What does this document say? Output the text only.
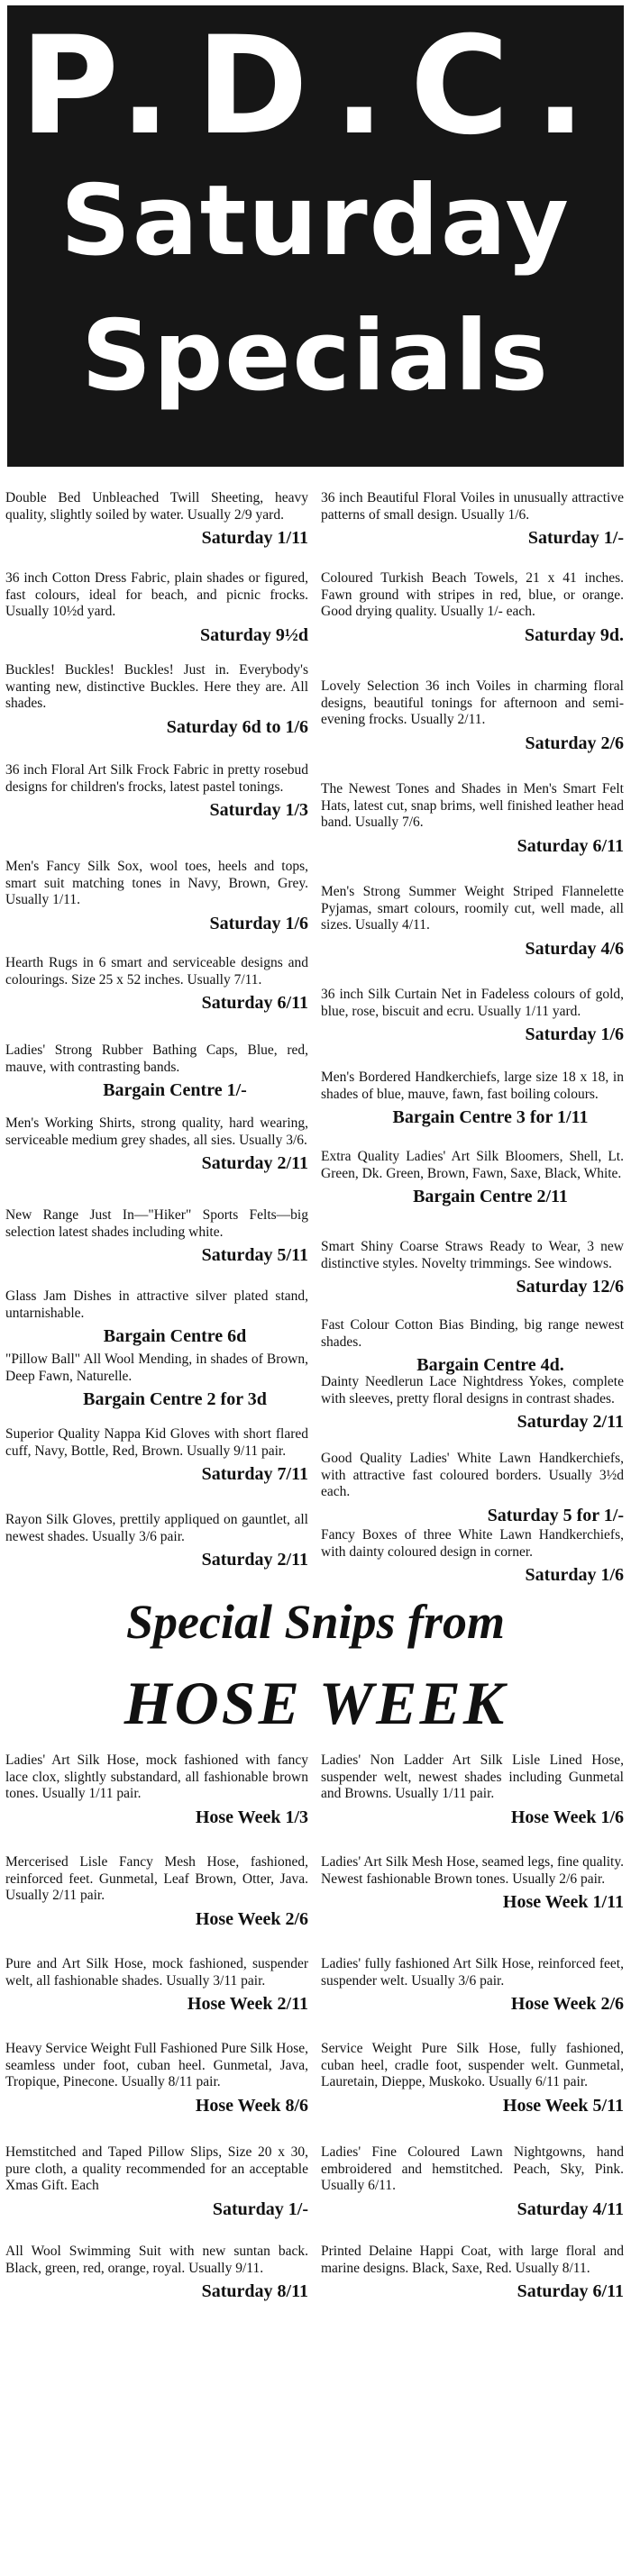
P.D.C.
Saturday
Specials

Double Bed Unbleached Twill Sheeting, heavy quality, slightly soiled by water. Usually 2/9 yard.

Saturday 1/11

36 inch Cotton Dress Fabric, plain shades or figured, fast colours, ideal for beach, and picnic frocks. Usually 10½d yard.

Saturday 9½d

Buckles! Buckles! Buckles! Just in. Everybody's wanting new, distinctive Buckles. Here they are. All shades.

Saturday 6d to 1/6

36 inch Floral Art Silk Frock Fabric in pretty rosebud designs for children's frocks, latest pastel tonings.

Saturday 1/3

Men's Fancy Silk Sox, wool toes, heels and tops, smart suit matching tones in Navy, Brown, Grey. Usually 1/11.

Saturday 1/6

Hearth Rugs in 6 smart and serviceable designs and colourings. Size 25 x 52 inches. Usually 7/11.

Saturday 6/11

Ladies' Strong Rubber Bathing Caps, Blue, red, mauve, with contrasting bands.

Bargain Centre 1/-

Men's Working Shirts, strong quality, hard wearing, serviceable medium grey shades, all sies. Usually 3/6.

Saturday 2/11

New Range Just In—"Hiker" Sports Felts—big selection latest shades including white.

Saturday 5/11

Glass Jam Dishes in attractive silver plated stand, untarnishable.

Bargain Centre 6d

"Pillow Ball" All Wool Mending, in shades of Brown, Deep Fawn, Naturelle.

Bargain Centre 2 for 3d

Superior Quality Nappa Kid Gloves with short flared cuff, Navy, Bottle, Red, Brown. Usually 9/11 pair.

Saturday 7/11

Rayon Silk Gloves, prettily appliqued on gauntlet, all newest shades. Usually 3/6 pair.

Saturday 2/11

36 inch Beautiful Floral Voiles in unusually attractive patterns of small design. Usually 1/6.

Saturday 1/-

Coloured Turkish Beach Towels, 21 x 41 inches. Fawn ground with stripes in red, blue, or orange. Good drying quality. Usually 1/- each.

Saturday 9d.

Lovely Selection 36 inch Voiles in charming floral designs, beautiful tonings for afternoon and semi-evening frocks. Usually 2/11.

Saturday 2/6

The Newest Tones and Shades in Men's Smart Felt Hats, latest cut, snap brims, well finished leather head band. Usually 7/6.

Saturday 6/11

Men's Strong Summer Weight Striped Flannelette Pyjamas, smart colours, roomily cut, well made, all sizes. Usually 4/11.

Saturday 4/6

36 inch Silk Curtain Net in Fadeless colours of gold, blue, rose, biscuit and ecru. Usually 1/11 yard.

Saturday 1/6

Men's Bordered Handkerchiefs, large size 18 x 18, in shades of blue, mauve, fawn, fast boiling colours.

Bargain Centre 3 for 1/11

Extra Quality Ladies' Art Silk Bloomers, Shell, Lt. Green, Dk. Green, Brown, Fawn, Saxe, Black, White.

Bargain Centre 2/11

Smart Shiny Coarse Straws Ready to Wear, 3 new distinctive styles. Novelty trimmings. See windows.

Saturday 12/6

Fast Colour Cotton Bias Binding, big range newest shades.

Bargain Centre 4d.

Dainty Needlerun Lace Nightdress Yokes, complete with sleeves, pretty floral designs in contrast shades.

Saturday 2/11

Good Quality Ladies' White Lawn Handkerchiefs, with attractive fast coloured borders. Usually 3½d each.

Saturday 5 for 1/-

Fancy Boxes of three White Lawn Handkerchiefs, with dainty coloured design in corner.

Saturday 1/6

Special Snips from
HOSE WEEK

Ladies' Art Silk Hose, mock fashioned with fancy lace clox, slightly substandard, all fashionable brown tones. Usually 1/11 pair.

Hose Week 1/3

Mercerised Lisle Fancy Mesh Hose, fashioned, reinforced feet. Gunmetal, Leaf Brown, Otter, Java. Usually 2/11 pair.

Hose Week 2/6

Pure and Art Silk Hose, mock fashioned, suspender welt, all fashionable shades. Usually 3/11 pair.

Hose Week 2/11

Heavy Service Weight Full Fashioned Pure Silk Hose, seamless under foot, cuban heel. Gunmetal, Java, Tropique, Pinecone. Usually 8/11 pair.

Hose Week 8/6

Ladies' Non Ladder Art Silk Lisle Lined Hose, suspender welt, newest shades including Gunmetal and Browns. Usually 1/11 pair.

Hose Week 1/6

Ladies' Art Silk Mesh Hose, seamed legs, fine quality. Newest fashionable Brown tones. Usually 2/6 pair.

Hose Week 1/11

Ladies' fully fashioned Art Silk Hose, reinforced feet, suspender welt. Usually 3/6 pair.

Hose Week 2/6

Service Weight Pure Silk Hose, fully fashioned, cuban heel, cradle foot, suspender welt. Gunmetal, Lauretain, Dieppe, Muskoko. Usually 6/11 pair.

Hose Week 5/11

Hemstitched and Taped Pillow Slips, Size 20 x 30, pure cloth, a quality recommended for an acceptable Xmas Gift. Each

Saturday 1/-

All Wool Swimming Suit with new suntan back. Black, green, red, orange, royal. Usually 9/11.

Saturday 8/11

Ladies' Fine Coloured Lawn Nightgowns, hand embroidered and hemstitched. Peach, Sky, Pink. Usually 6/11.

Saturday 4/11

Printed Delaine Happi Coat, with large floral and marine designs. Black, Saxe, Red. Usually 8/11.

Saturday 6/11
